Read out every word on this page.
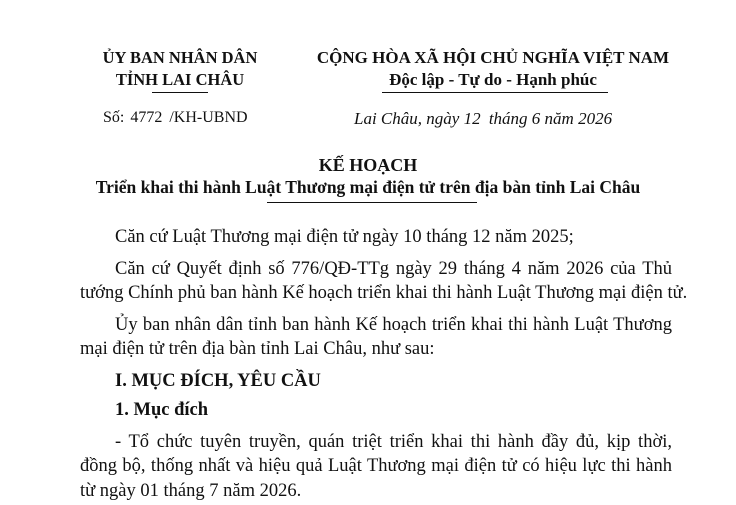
ỦY BAN NHÂN DÂN
TỈNH LAI CHÂU
Số: 4772 /KH-UBND
CỘNG HÒA XÃ HỘI CHỦ NGHĨA VIỆT NAM
Độc lập - Tự do - Hạnh phúc
Lai Châu, ngày 12 tháng 6 năm 2026
KẾ HOẠCH
Triển khai thi hành Luật Thương mại điện tử trên địa bàn tỉnh Lai Châu
Căn cứ Luật Thương mại điện tử ngày 10 tháng 12 năm 2025;
Căn cứ Quyết định số 776/QĐ-TTg ngày 29 tháng 4 năm 2026 của Thủ
tướng Chính phủ ban hành Kế hoạch triển khai thi hành Luật Thương mại điện tử.
Ủy ban nhân dân tỉnh ban hành Kế hoạch triển khai thi hành Luật Thương
mại điện tử trên địa bàn tỉnh Lai Châu, như sau:
I. MỤC ĐÍCH, YÊU CẦU
1. Mục đích
- Tổ chức tuyên truyền, quán triệt triển khai thi hành đầy đủ, kịp thời,
đồng bộ, thống nhất và hiệu quả Luật Thương mại điện tử có hiệu lực thi hành
từ ngày 01 tháng 7 năm 2026.
